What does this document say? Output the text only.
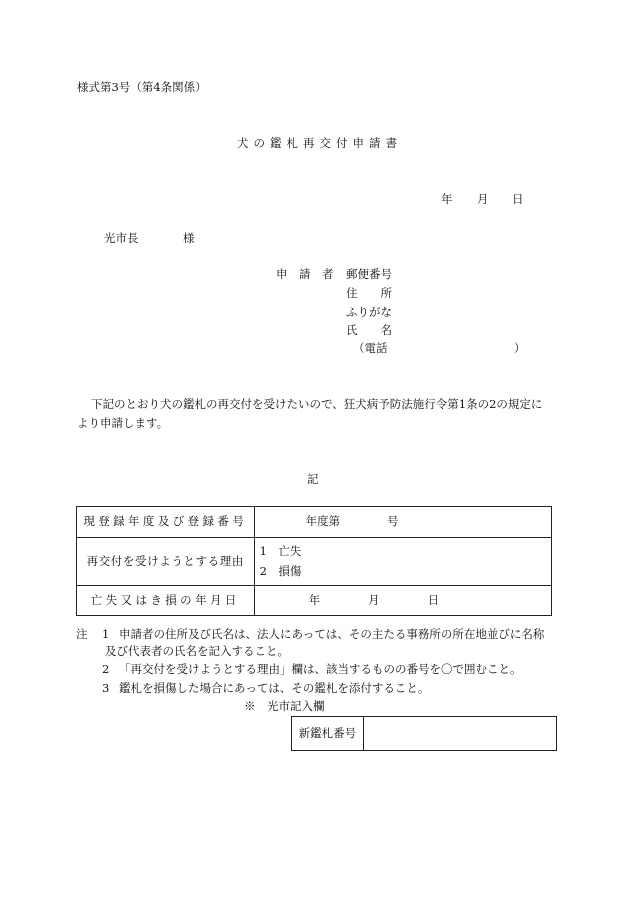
様式第3号（第4条関係）
犬の鑑札再交付申請書
年 月 日
光市長	様
申　請　者 郵便番号
住　　所
ふりがな
氏　　名
（電話	）
下記のとおり犬の鑑札の再交付を受けたいので、狂犬病予防法施行令第1条の2の規定に
より申請します。
記
現登録年度及び登録番号	年度第 号
再交付を受けようとする理由	1　亡失
2　損傷

亡失又はき損の年月日	年 月 日
注 1 申請者の住所及び氏名は、法人にあっては、その主たる事務所の所在地並びに名称
及び代表者の氏名を記入すること。
2 「再交付を受けようとする理由」欄は、該当するものの番号を〇で囲むこと。
3 鑑札を損傷した場合にあっては、その鑑札を添付すること。
※　光市記入欄
新鑑札番号	
